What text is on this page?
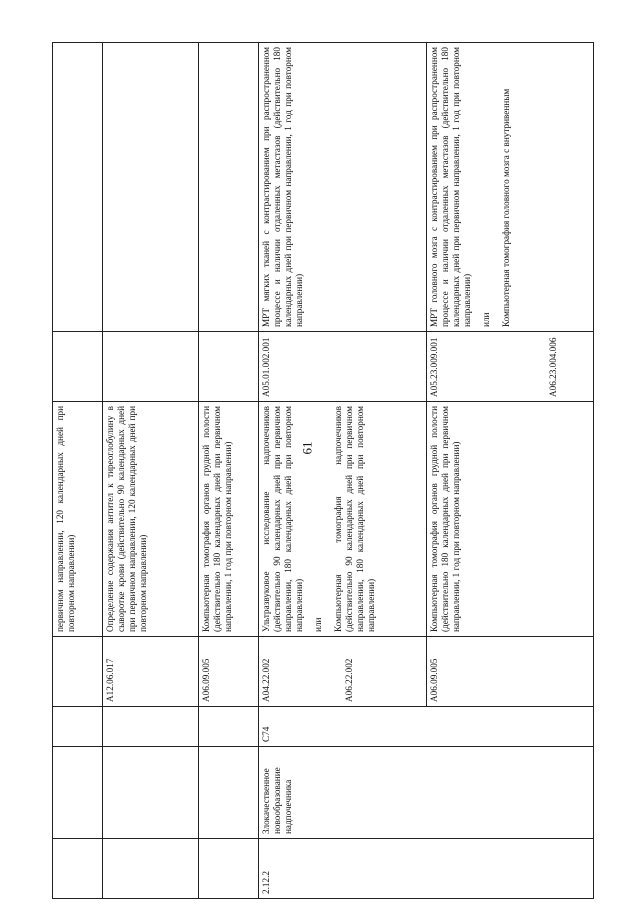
61
				первичном направлении, 120 календарных дней при повторном направлении)		
			A12.06.017	Определение содержания антител к тиреоглобулину в сыворотке крови (действительно 90 календарных дней при первичном направлении, 120 календарных дней при повторном направлении)		
			A06.09.005	Компьютерная томография органов грудной полости (действительно 180 календарных дней при первичном направлении, 1 год при повторном направлении)		
2.12.2	Злокачественное новообразование надпочечника	C74	A04.22.002 A06.22.002	Ультразвуковое исследование надпочечников (действительно 90 календарных дней при первичном направлении, 180 календарных дней при повторном направлении) или Компьютерная томография надпочечников (действительно 90 календарных дней при первичном направлении, 180 календарных дней при повторном направлении)	A05.01.002.001	МРТ мягких тканей с контрастированием при распространенном процессе и наличии отдаленных метастазов (действительно 180 календарных дней при первичном направлении, 1 год при повторном направлении)
			A06.09.005	Компьютерная томография органов грудной полости (действительно 180 календарных дней при первичном направлении, 1 год при повторном направлении)	A05.23.009.001 A06.23.004.006	МРТ головного мозга с контрастированием при распространенном процессе и наличии отдаленных метастазов (действительно 180 календарных дней при первичном направлении, 1 год при повторном направлении) или Компьютерная томография головного мозга с внутривенным
